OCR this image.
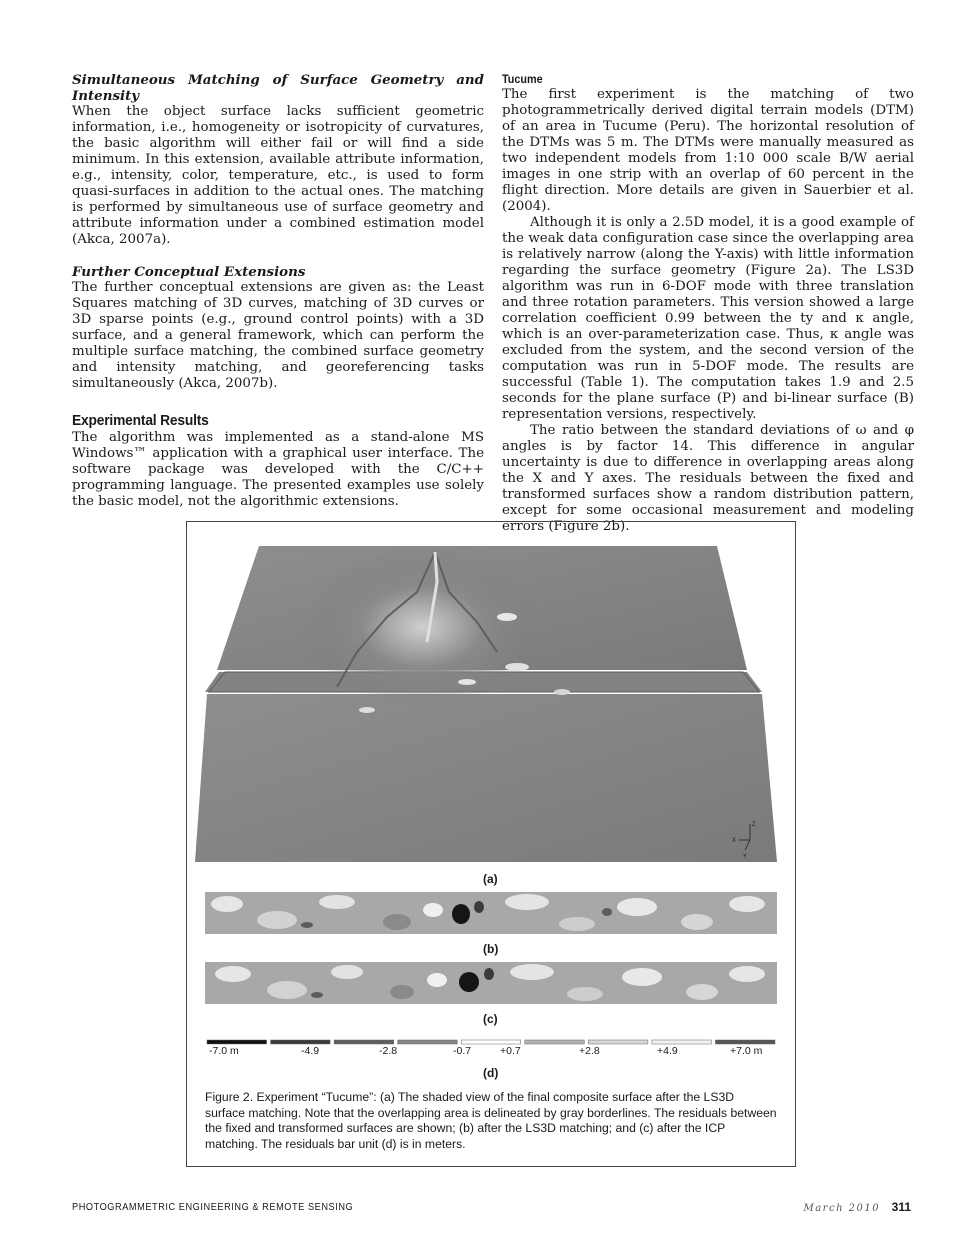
Simultaneous Matching of Surface Geometry and Intensity

When the object surface lacks sufficient geometric information, i.e., homogeneity or isotropicity of curvatures, the basic algorithm will either fail or will find a side minimum. In this extension, available attribute information, e.g., intensity, color, temperature, etc., is used to form quasi-surfaces in addition to the actual ones. The matching is performed by simultaneous use of surface geometry and attribute information under a combined estimation model (Akca, 2007a).

Further Conceptual Extensions

The further conceptual extensions are given as: the Least Squares matching of 3D curves, matching of 3D curves or 3D sparse points (e.g., ground control points) with a 3D surface, and a general framework, which can perform the multiple surface matching, the combined surface geometry and intensity matching, and georeferencing tasks simultaneously (Akca, 2007b).

Experimental Results

The algorithm was implemented as a stand-alone MS Windows™ application with a graphical user interface. The software package was developed with the C/C++ programming language. The presented examples use solely the basic model, not the algorithmic extensions.

Tucume

The first experiment is the matching of two photogrammetrically derived digital terrain models (DTM) of an area in Tucume (Peru). The horizontal resolution of the DTMs was 5 m. The DTMs were manually measured as two independent models from 1:10 000 scale B/W aerial images in one strip with an overlap of 60 percent in the flight direction. More details are given in Sauerbier et al. (2004).

Although it is only a 2.5D model, it is a good example of the weak data configuration case since the overlapping area is relatively narrow (along the Y-axis) with little information regarding the surface geometry (Figure 2a). The LS3D algorithm was run in 6-DOF mode with three translation and three rotation parameters. This version showed a large correlation coefficient 0.99 between the ty and κ angle, which is an over-parameterization case. Thus, κ angle was excluded from the system, and the second version of the computation was run in 5-DOF mode. The results are successful (Table 1). The computation takes 1.9 and 2.5 seconds for the plane surface (P) and bi-linear surface (B) representation versions, respectively.

The ratio between the standard deviations of ω and φ angles is by factor 14. This difference in angular uncertainty is due to difference in overlapping areas along the X and Y axes. The residuals between the fixed and transformed surfaces show a random distribution pattern, except for some occasional measurement and modeling errors (Figure 2b).

Z
X
Y
(a)
(b)
(c)
(d)
-7.0 m	-4.9	-2.8	-0.7	+0.7	+2.8	+4.9	+7.0 m

Figure 2. Experiment “Tucume”: (a) The shaded view of the final composite surface after the LS3D surface matching. Note that the overlapping area is delineated by gray borderlines. The residuals between the fixed and transformed surfaces are shown; (b) after the LS3D matching; and (c) after the ICP matching. The residuals bar unit (d) is in meters.

PHOTOGRAMMETRIC ENGINEERING & REMOTE SENSING	March 2010 311
